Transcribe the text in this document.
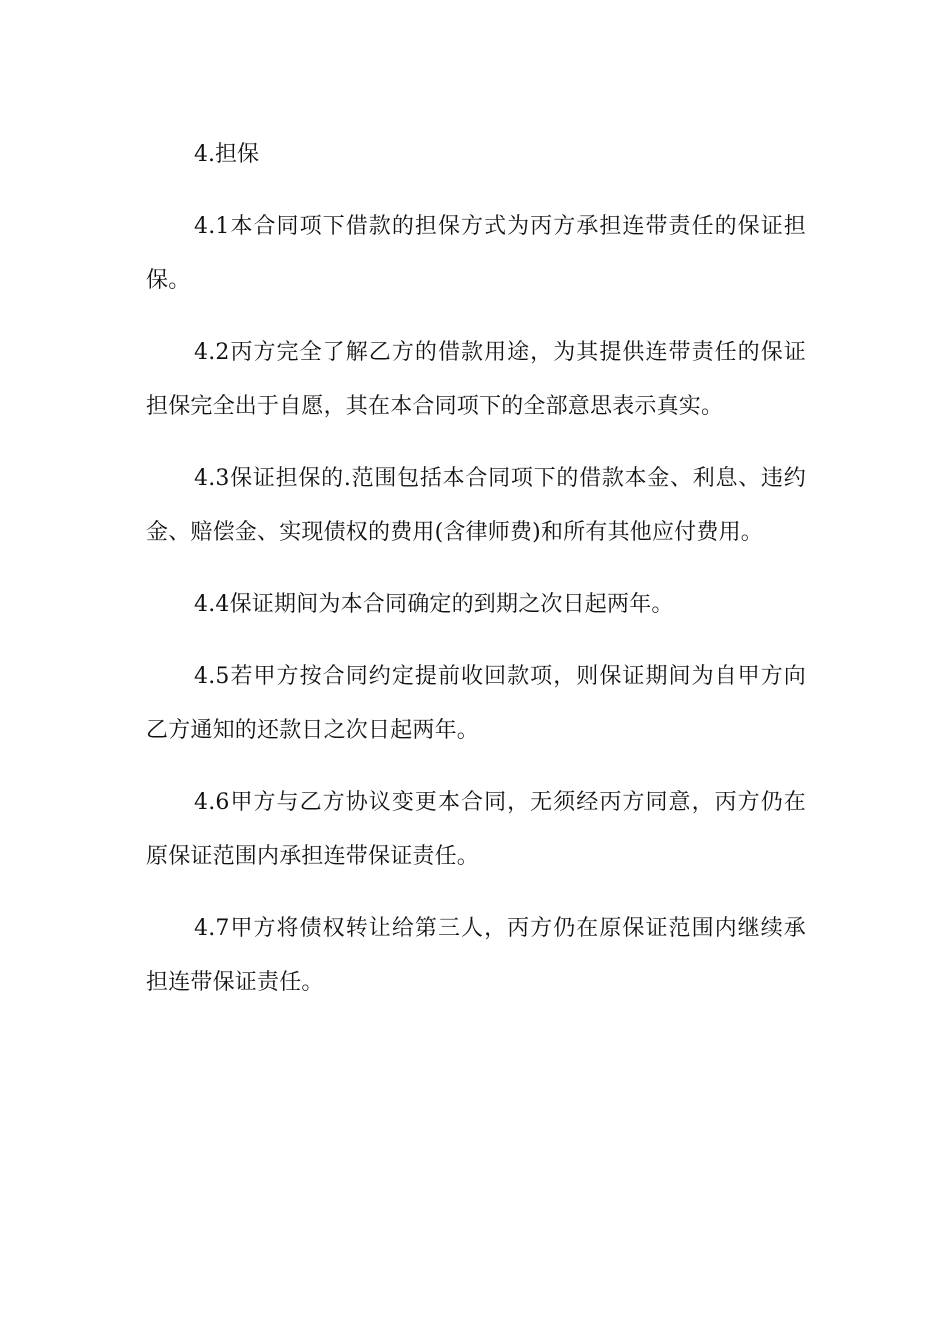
4.担保

4.1本合同项下借款的担保方式为丙方承担连带责任的保证担保。

4.2丙方完全了解乙方的借款用途，为其提供连带责任的保证担保完全出于自愿，其在本合同项下的全部意思表示真实。

4.3保证担保的.范围包括本合同项下的借款本金、利息、违约金、赔偿金、实现债权的费用(含律师费)和所有其他应付费用。

4.4保证期间为本合同确定的到期之次日起两年。

4.5若甲方按合同约定提前收回款项，则保证期间为自甲方向乙方通知的还款日之次日起两年。

4.6甲方与乙方协议变更本合同，无须经丙方同意，丙方仍在原保证范围内承担连带保证责任。

4.7甲方将债权转让给第三人，丙方仍在原保证范围内继续承担连带保证责任。
